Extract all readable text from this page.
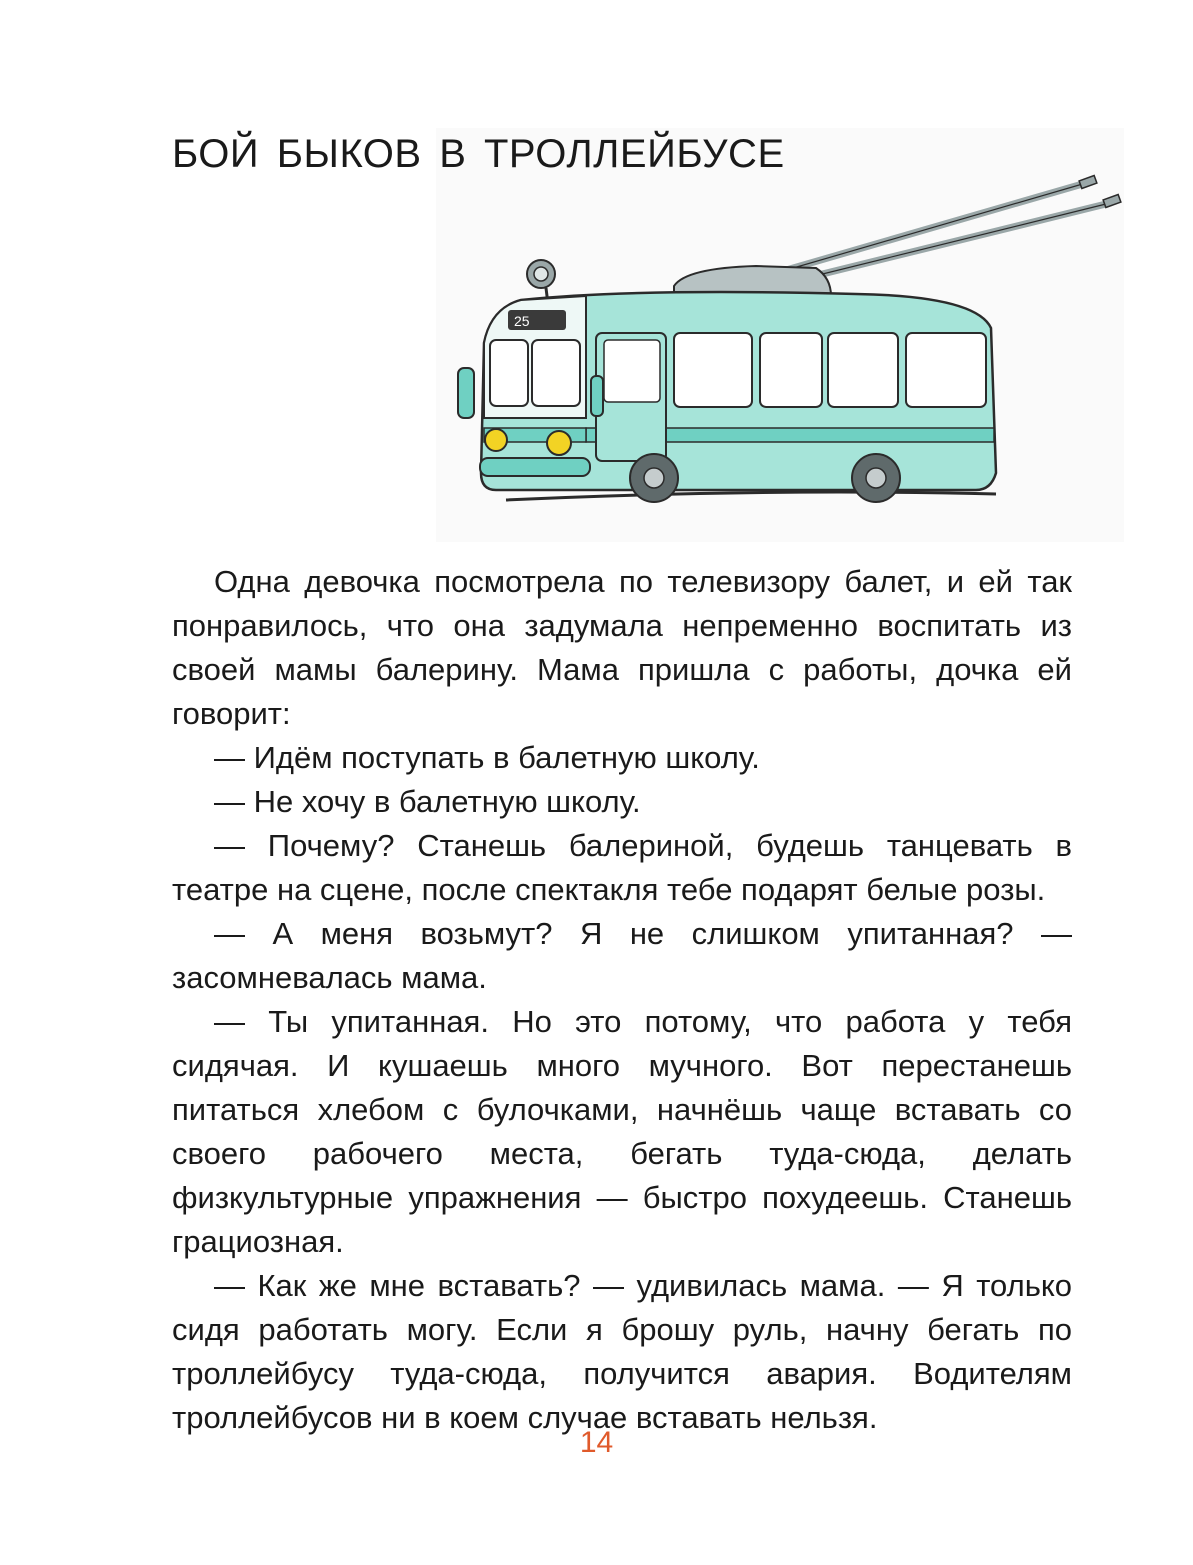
БОЙ БЫКОВ В ТРОЛЛЕЙБУСЕ
25

Одна девочка посмотрела по телевизору балет, и ей так понравилось, что она задумала непременно воспитать из своей мамы балерину. Мама пришла с работы, дочка ей говорит:

— Идём поступать в балетную школу.

— Не хочу в балетную школу.

— Почему? Станешь балериной, будешь танцевать в театре на сцене, после спектакля тебе подарят белые розы.

— А меня возьмут? Я не слишком упитанная? — засомневалась мама.

— Ты упитанная. Но это потому, что работа у тебя сидячая. И кушаешь много мучного. Вот перестанешь питаться хлебом с булочками, начнёшь чаще вставать со своего рабочего места, бегать туда-сюда, делать физкультурные упражнения — быстро похудеешь. Станешь грациозная.

— Как же мне вставать? — удивилась мама. — Я только сидя работать могу. Если я брошу руль, начну бегать по троллейбусу туда-сюда, получится авария. Водителям троллейбусов ни в коем случае вставать нельзя.

14
